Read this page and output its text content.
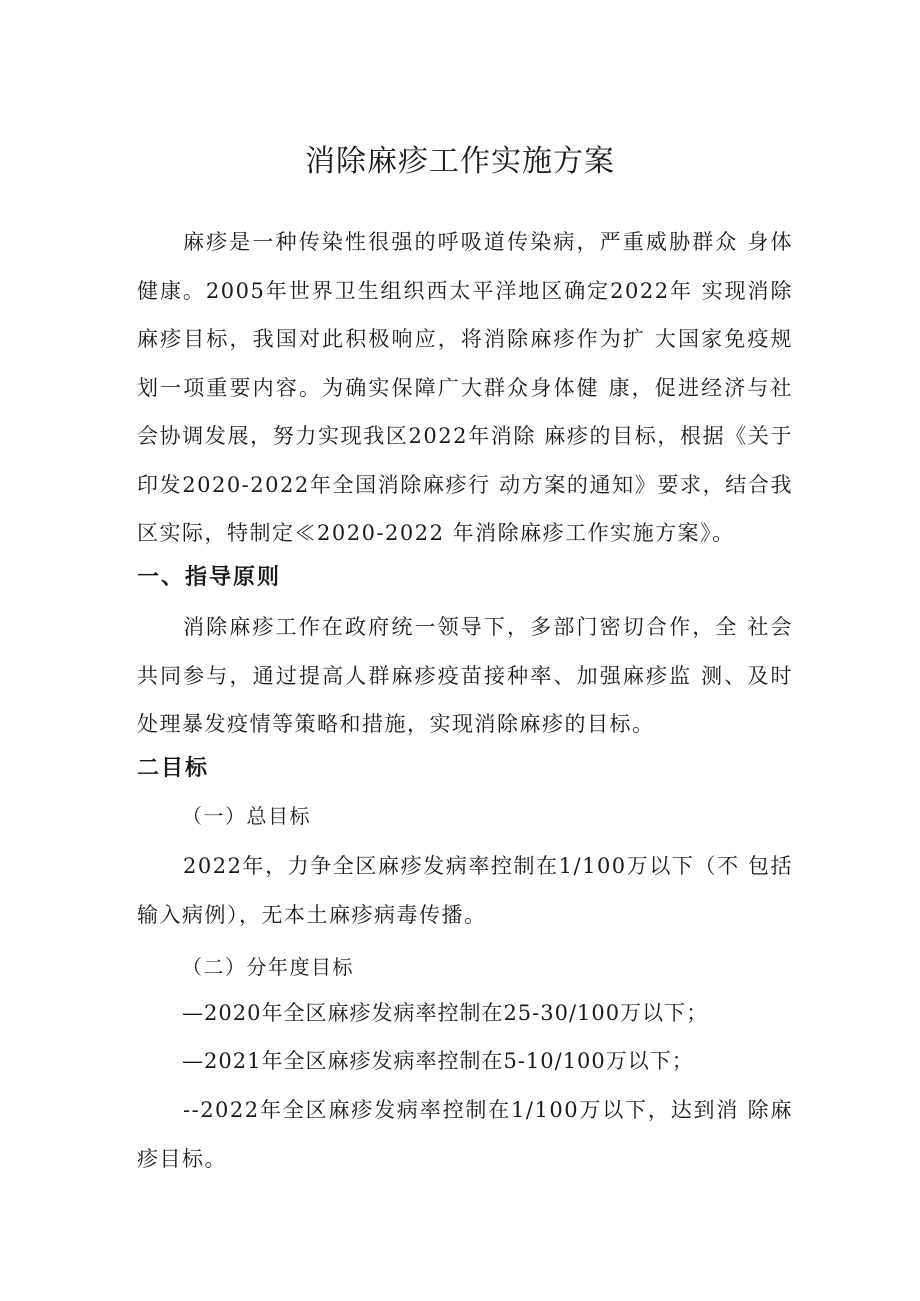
消除麻疹工作实施方案

麻疹是一种传染性很强的呼吸道传染病，严重威胁群众 身体健康。2005年世界卫生组织西太平洋地区确定2022年 实现消除麻疹目标，我国对此积极响应，将消除麻疹作为扩 大国家免疫规划一项重要内容。为确实保障广大群众身体健 康，促进经济与社会协调发展，努力实现我区2022年消除 麻疹的目标，根据《关于印发2020-2022年全国消除麻疹行 动方案的通知》要求，结合我区实际，特制定≪2020-2022 年消除麻疹工作实施方案》。

一、指导原则

消除麻疹工作在政府统一领导下，多部门密切合作，全 社会共同参与，通过提高人群麻疹疫苗接种率、加强麻疹监 测、及时处理暴发疫情等策略和措施，实现消除麻疹的目标。

二目标

（一）总目标

2022年，力争全区麻疹发病率控制在1/100万以下（不 包括输入病例），无本土麻疹病毒传播。

（二）分年度目标

—2020年全区麻疹发病率控制在25-30/100万以下；

—2021年全区麻疹发病率控制在5-10/100万以下；

--2022年全区麻疹发病率控制在1/100万以下，达到消 除麻疹目标。
